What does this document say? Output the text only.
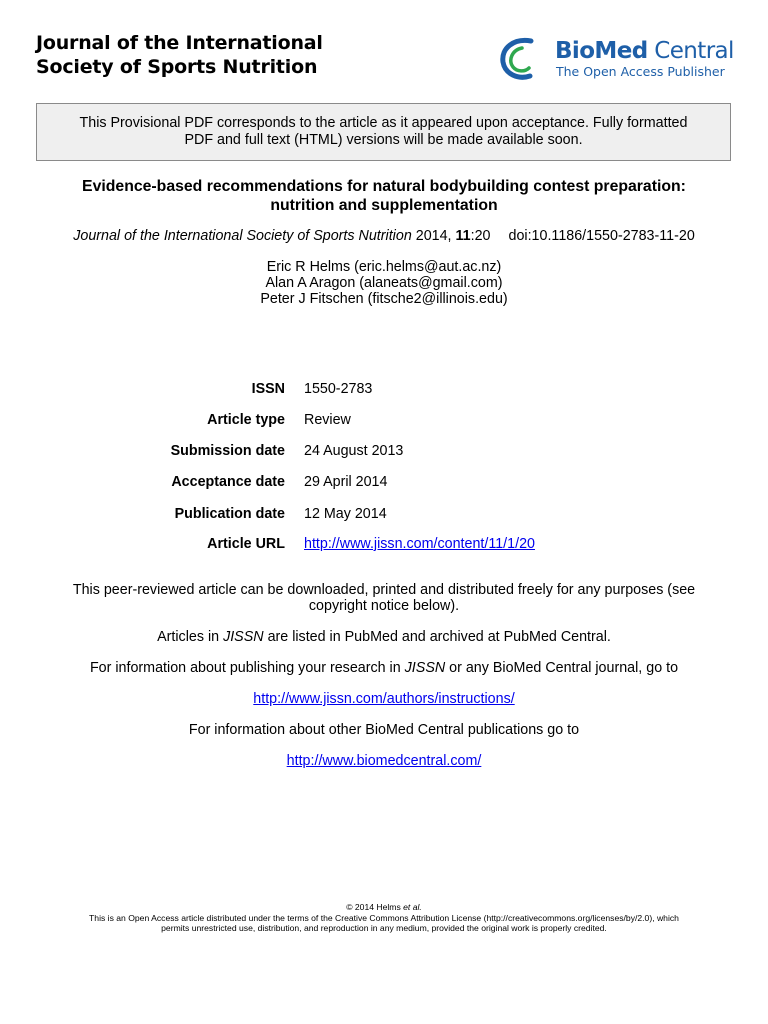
Journal of the International
Society of Sports Nutrition
BioMed Central
The Open Access Publisher
This Provisional PDF corresponds to the article as it appeared upon acceptance. Fully formatted
PDF and full text (HTML) versions will be made available soon.
Evidence-based recommendations for natural bodybuilding contest preparation:
nutrition and supplementation
Journal of the International Society of Sports Nutrition 2014, 11:20 doi:10.1186/1550-2783-11-20
Eric R Helms (eric.helms@aut.ac.nz)
Alan A Aragon (alaneats@gmail.com)
Peter J Fitschen (fitsche2@illinois.edu)
ISSN 1550-2783
Article type Review
Submission date 24 August 2013
Acceptance date 29 April 2014
Publication date 12 May 2014
Article URL http://www.jissn.com/content/11/1/20
This peer-reviewed article can be downloaded, printed and distributed freely for any purposes (see
copyright notice below).
Articles in JISSN are listed in PubMed and archived at PubMed Central.
For information about publishing your research in JISSN or any BioMed Central journal, go to
http://www.jissn.com/authors/instructions/
For information about other BioMed Central publications go to
http://www.biomedcentral.com/
© 2014 Helms et al.
This is an Open Access article distributed under the terms of the Creative Commons Attribution License (http://creativecommons.org/licenses/by/2.0), which
permits unrestricted use, distribution, and reproduction in any medium, provided the original work is properly credited.
